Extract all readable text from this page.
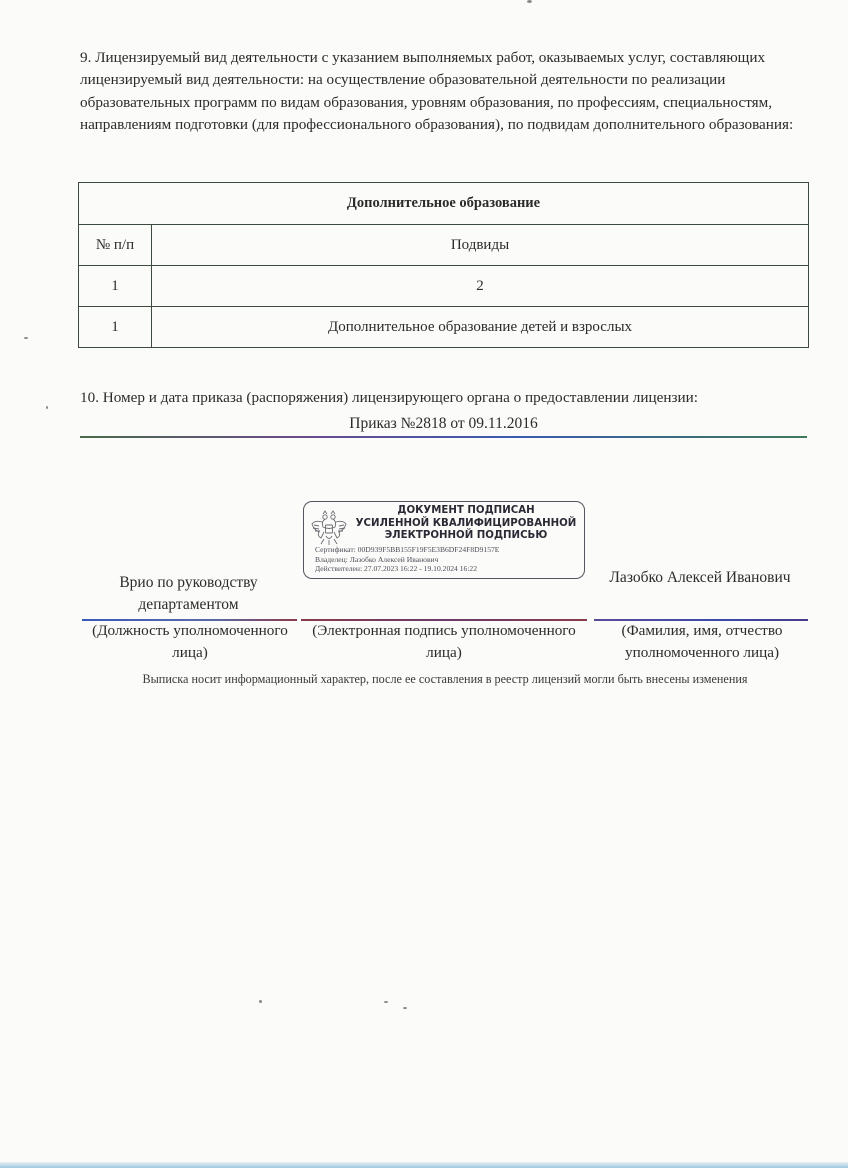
9. Лицензируемый вид деятельности с указанием выполняемых работ, оказываемых услуг, составляющих лицензируемый вид деятельности: на осуществление образовательной деятельности по реализации образовательных программ по видам образования, уровням образования, по профессиям, специальностям, направлениям подготовки (для профессионального образования), по подвидам дополнительного образования:
Дополнительное образование	
№ п/п	Подвиды
1	2
1	Дополнительное образование детей и взрослых
10. Номер и дата приказа (распоряжения) лицензирующего органа о предоставлении лицензии:
Приказ №2818 от 09.11.2016
ДОКУМЕНТ ПОДПИСАН
УСИЛЕННОЙ КВАЛИФИЦИРОВАННОЙ
ЭЛЕКТРОННОЙ ПОДПИСЬЮ
Сертификат: 00D939F5BB155F19F5E3B6DF24F8D9157E
Владелец: Лазобко Алексей Иванович
Действителен: 27.07.2023 16:22 - 19.10.2024 16:22
Врио по руководству департаментом
Лазобко Алексей Иванович
(Должность уполномоченного лица)
(Электронная подпись уполномоченного лица)
(Фамилия, имя, отчество уполномоченного лица)
Выписка носит информационный характер, после ее составления в реестр лицензий могли быть внесены изменения
